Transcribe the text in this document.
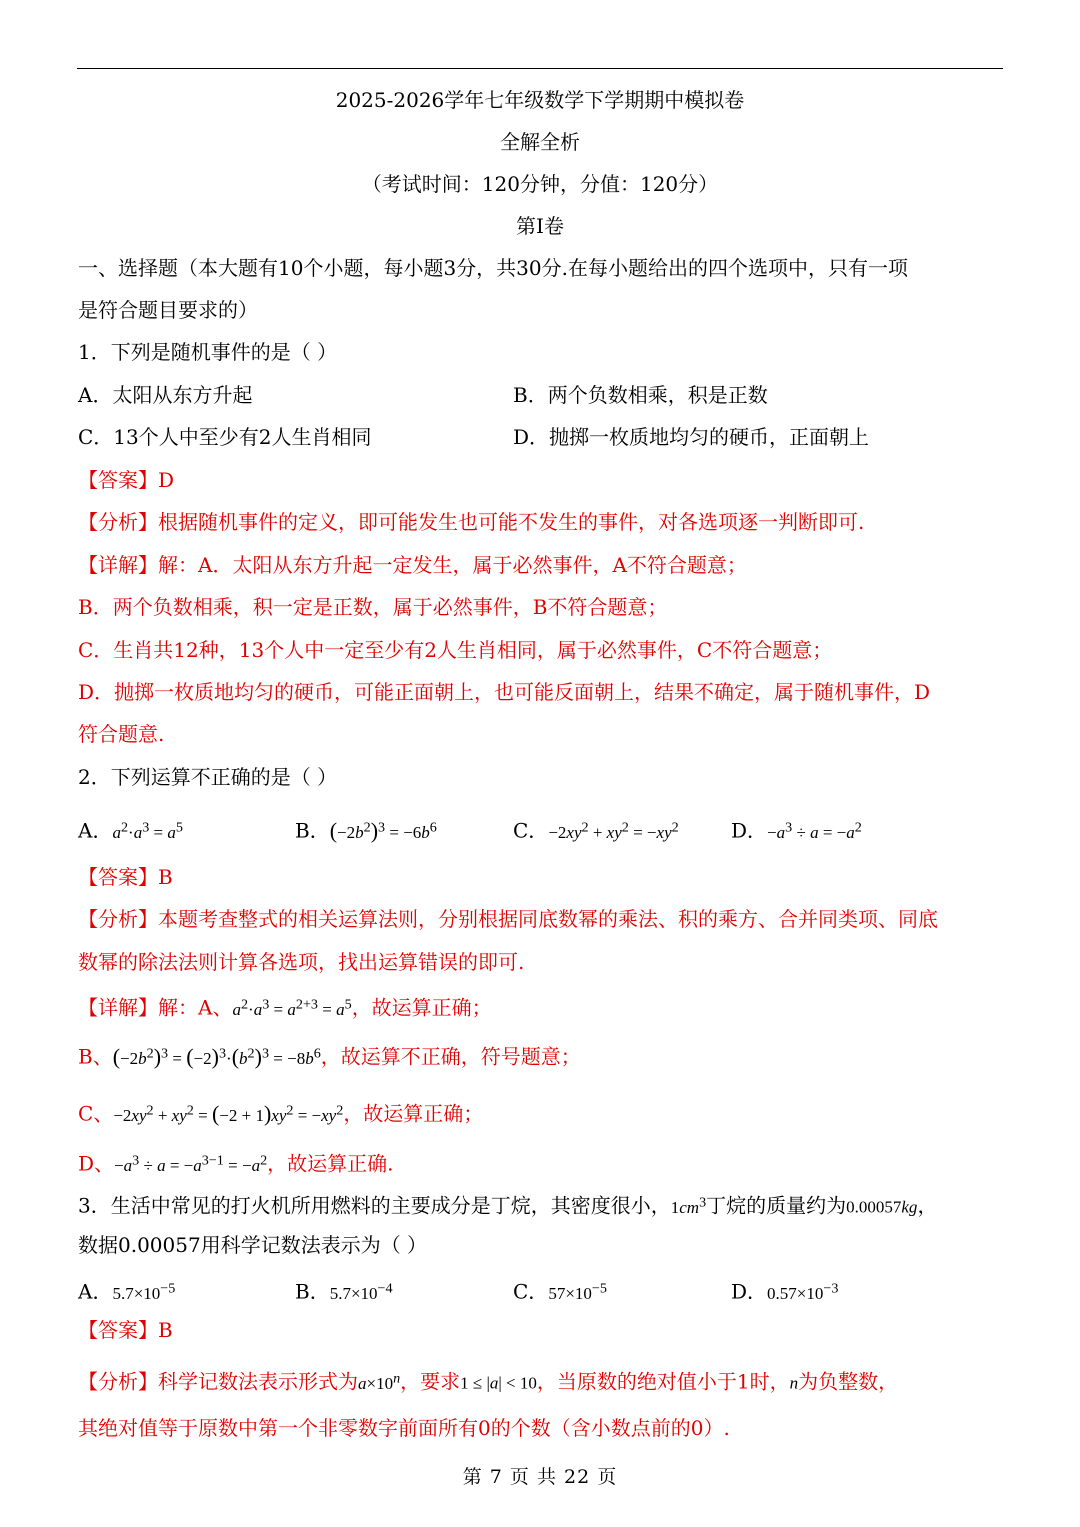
2025-2026学年七年级数学下学期期中模拟卷
全解全析
（考试时间：120分钟，分值：120分）
第Ⅰ卷
一、选择题（本大题有10个小题，每小题3分，共30分.在每小题给出的四个选项中，只有一项
是符合题目要求的）
1．下列是随机事件的是（ ）
A．太阳从东方升起	B．两个负数相乘，积是正数
C．13个人中至少有2人生肖相同	D．抛掷一枚质地均匀的硬币，正面朝上
【答案】D
【分析】根据随机事件的定义，即可能发生也可能不发生的事件，对各选项逐一判断即可.
【详解】解：A．太阳从东方升起一定发生，属于必然事件，A不符合题意；
B．两个负数相乘，积一定是正数，属于必然事件，B不符合题意；
C．生肖共12种，13个人中一定至少有2人生肖相同，属于必然事件，C不符合题意；
D．抛掷一枚质地均匀的硬币，可能正面朝上，也可能反面朝上，结果不确定，属于随机事件，D
符合题意.
2．下列运算不正确的是（ ）
A．$a^2\cdot a^3 = a^5$	B．$(-2b^2)^3 = -6b^6$	C．$-2xy^2 + xy^2 = -xy^2$	D．$-a^3 \div a = -a^2$
【答案】B
【分析】本题考查整式的相关运算法则，分别根据同底数幂的乘法、积的乘方、合并同类项、同底
数幂的除法法则计算各选项，找出运算错误的即可.
【详解】解：A、$a^2\cdot a^3 = a^{2+3} = a^5$，故运算正确；
B、$(-2b^2)^3 = (-2)^3\cdot(b^2)^3 = -8b^6$，故运算不正确，符号题意；
C、$-2xy^2 + xy^2 = (-2 + 1)xy^2 = -xy^2$，故运算正确；
D、$-a^3 \div a = -a^{3-1} = -a^2$，故运算正确.
3．生活中常见的打火机所用燃料的主要成分是丁烷，其密度很小，$1cm^3$丁烷的质量约为0.00057kg，
数据0.00057用科学记数法表示为（ ）
A．$5.7\times 10^{-5}$	B．$5.7\times 10^{-4}$	C．$57\times 10^{-5}$	D．$0.57\times 10^{-3}$
【答案】B
【分析】科学记数法表示形式为$a\times 10^n$，要求1 ≤ |a| < 10，当原数的绝对值小于1时，n为负整数，
其绝对值等于原数中第一个非零数字前面所有0的个数（含小数点前的0）.
第 7 页 共 22 页
